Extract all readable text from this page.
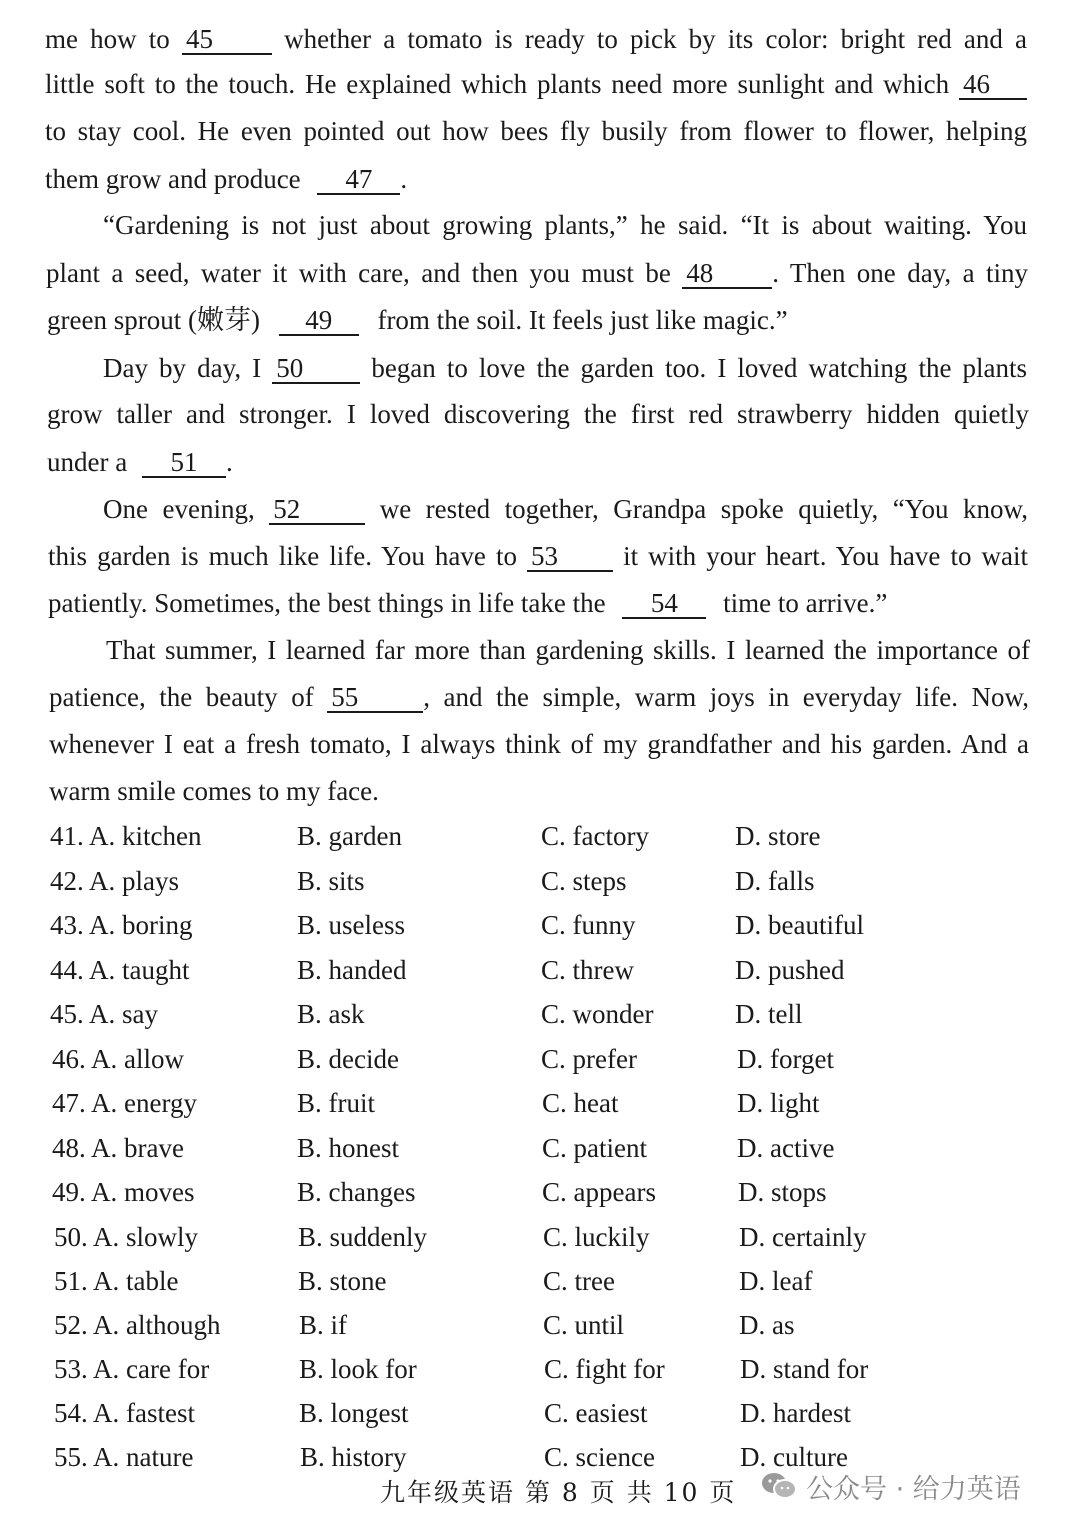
me how to 45	whether a tomato is ready to pick by its color: bright red and a
little soft to the touch. He explained which plants need more sunlight and which 46
to stay cool. He even pointed out how bees fly busily from flower to flower, helping
them grow and produce 47 .
“Gardening is not just about growing plants,” he said. “It is about waiting. You
plant a seed, water it with care, and then you must be 48 . Then one day, a tiny
green sprout (嫩芽) 49 from the soil. It feels just like magic.”
Day by day, I 50	began to love the garden too. I loved watching the plants
grow taller and stronger. I loved discovering the first red strawberry hidden quietly
under a 51 .
One evening, 52	we rested together, Grandpa spoke quietly, “You know,
this garden is much like life. You have to 53 it with your heart. You have to wait
patiently. Sometimes, the best things in life take the 54 time to arrive.”
That summer, I learned far more than gardening skills. I learned the importance of
patience, the beauty of 55 , and the simple, warm joys in everyday life. Now,
whenever I eat a fresh tomato, I always think of my grandfather and his garden. And a
warm smile comes to my face.
41. A. kitchen	B. garden	C. factory	D. store
42. A. plays	B. sits	C. steps	D. falls
43. A. boring	B. useless	C. funny	D. beautiful
44. A. taught	B. handed	C. threw	D. pushed
45. A. say	B. ask	C. wonder	D. tell
46. A. allow	B. decide	C. prefer	D. forget
47. A. energy	B. fruit	C. heat	D. light
48. A. brave	B. honest	C. patient	D. active
49. A. moves	B. changes	C. appears	D. stops
50. A. slowly	B. suddenly	C. luckily	D. certainly
51. A. table	B. stone	C. tree	D. leaf
52. A. although	B. if	C. until	D. as
53. A. care for	B. look for	C. fight for	D. stand for
54. A. fastest	B. longest	C. easiest	D. hardest
55. A. nature	B. history	C. science	D. culture
九年级英语 第 8 页 共 10 页	公众号 · 给力英语
